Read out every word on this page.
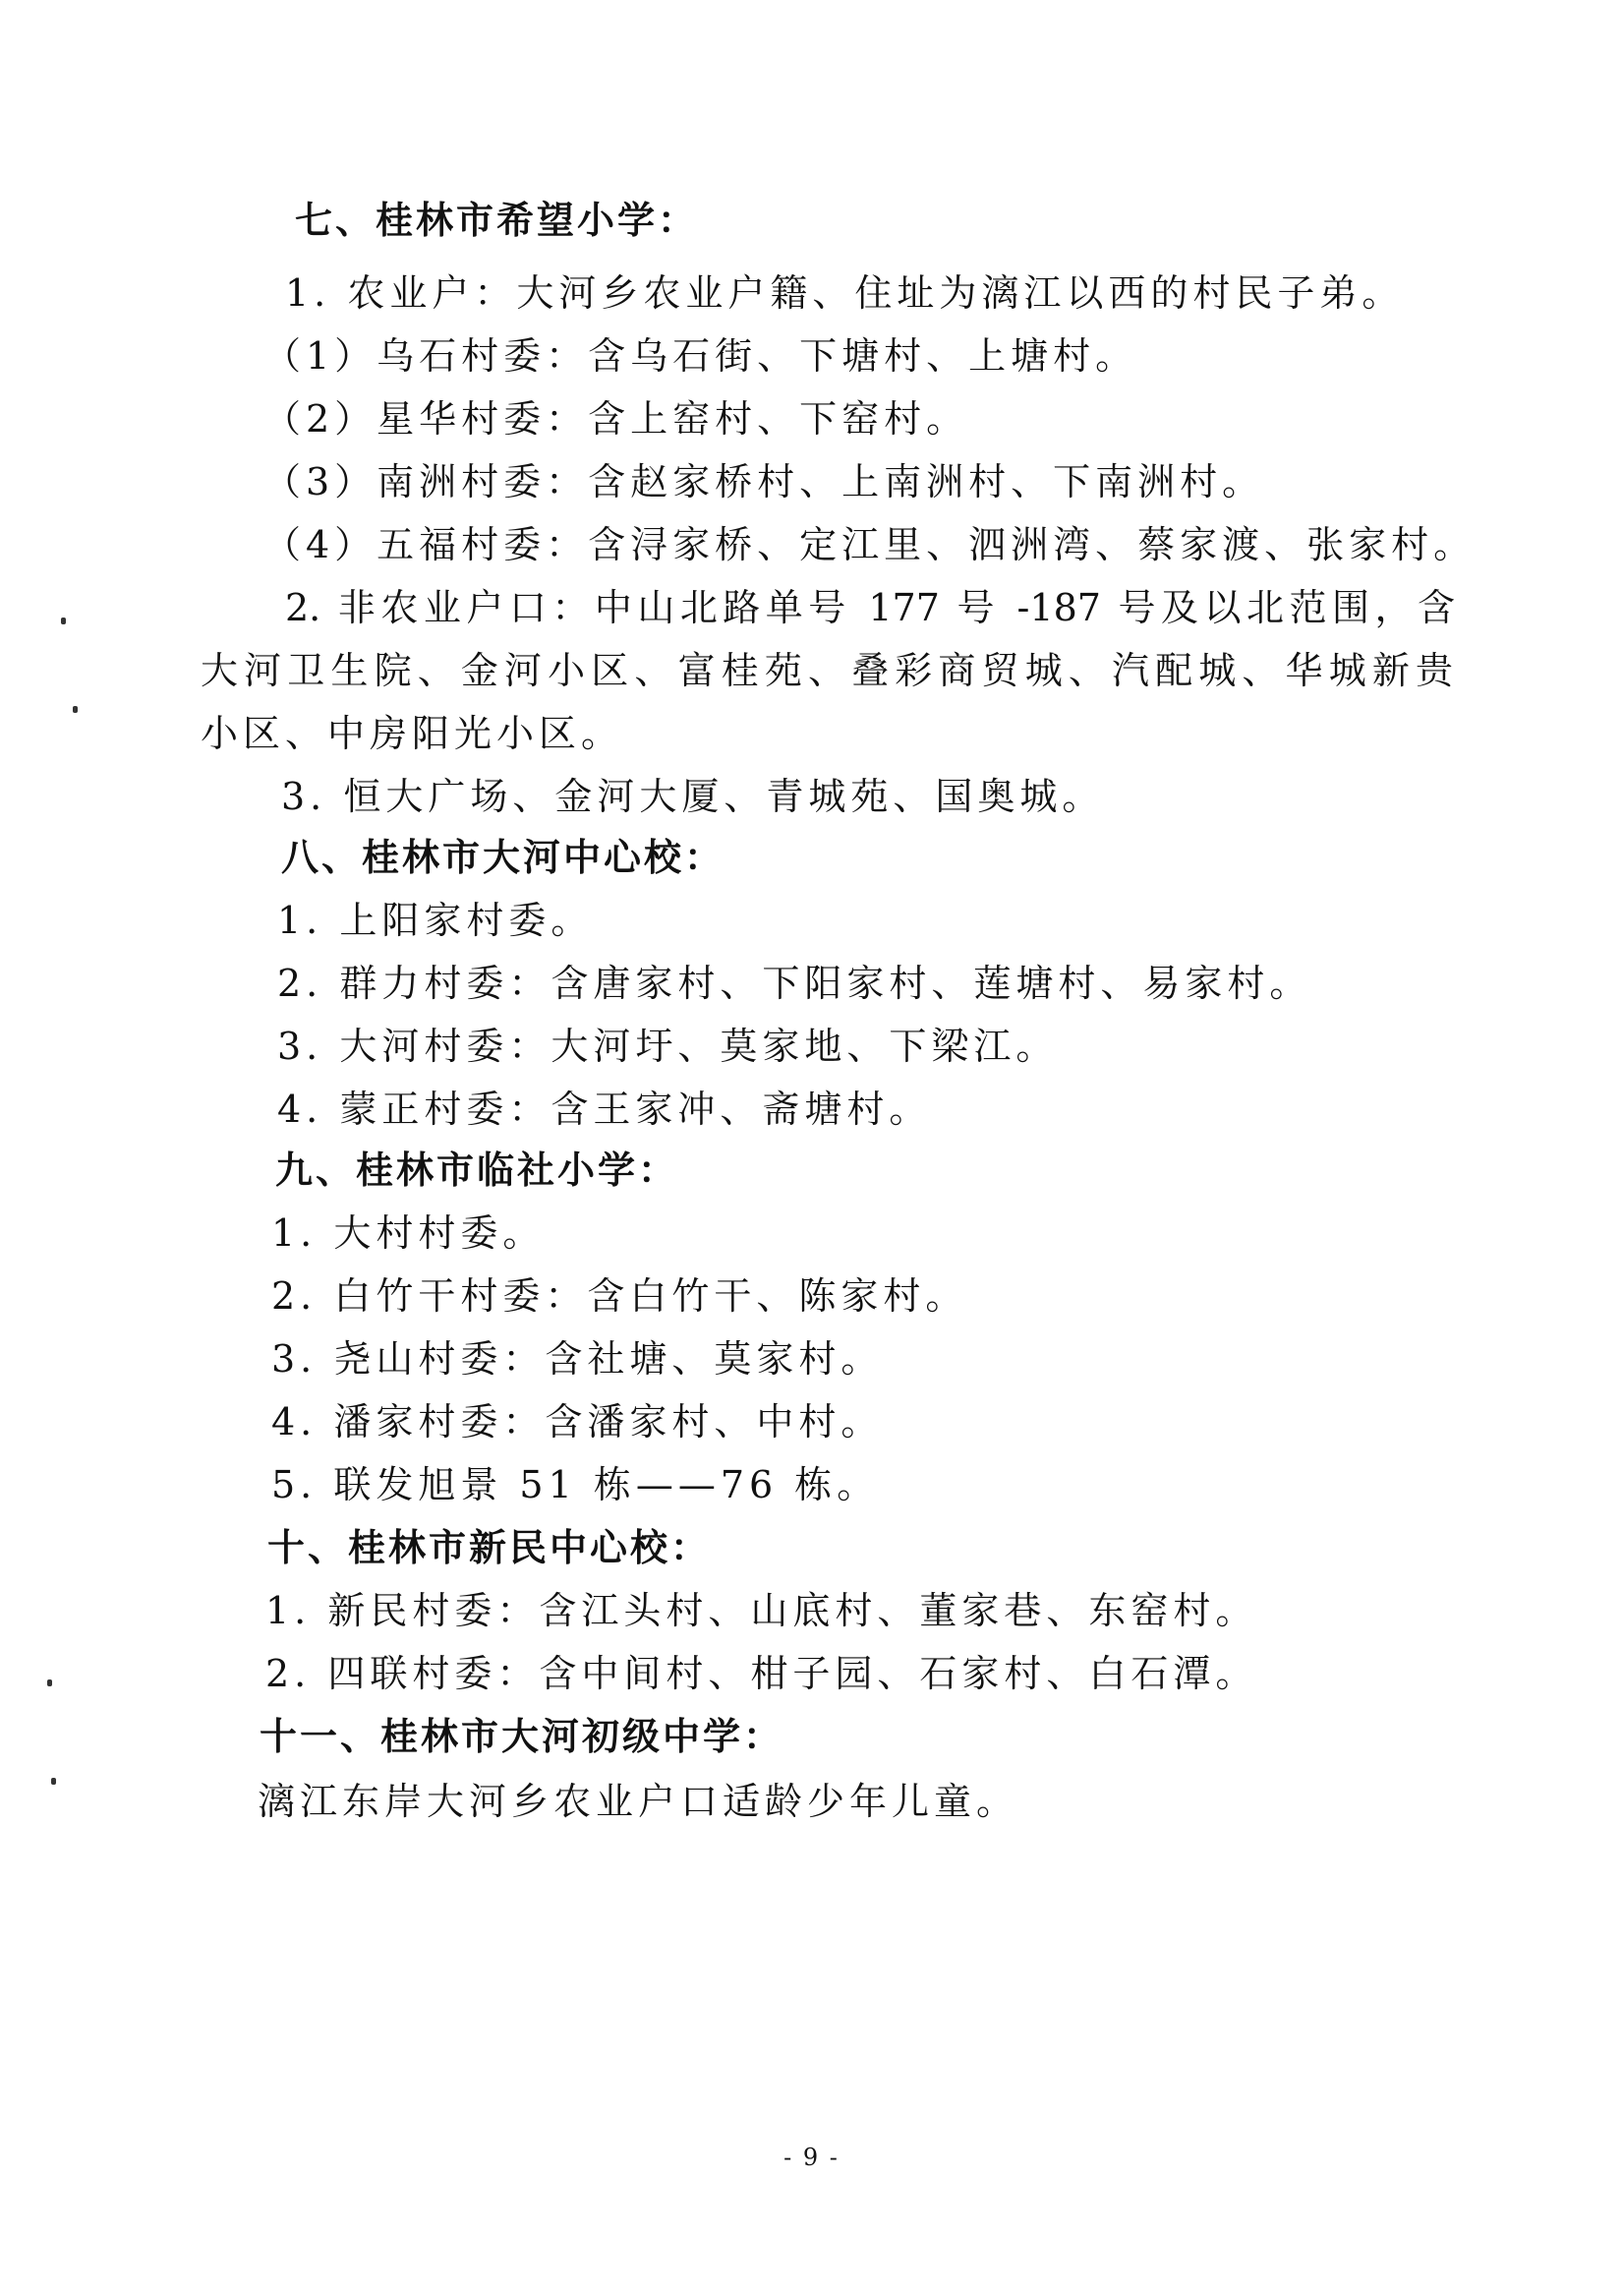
七、桂林市希望小学：
1. 农业户：大河乡农业户籍、住址为漓江以西的村民子弟。
（1）乌石村委：含乌石街、下塘村、上塘村。
（2）星华村委：含上窑村、下窑村。
（3）南洲村委：含赵家桥村、上南洲村、下南洲村。
（4）五福村委：含浔家桥、定江里、泗洲湾、蔡家渡、张家村。
2. 非农业户口：中山北路单号 177 号 -187 号及以北范围，含
大河卫生院、金河小区、富桂苑、叠彩商贸城、汽配城、华城新贵
小区、中房阳光小区。
3. 恒大广场、金河大厦、青城苑、国奥城。
八、桂林市大河中心校：
1. 上阳家村委。
2. 群力村委：含唐家村、下阳家村、莲塘村、易家村。
3. 大河村委：大河圩、莫家地、下梁江。
4. 蒙正村委：含王家冲、斋塘村。
九、桂林市临社小学：
1. 大村村委。
2. 白竹干村委：含白竹干、陈家村。
3. 尧山村委：含社塘、莫家村。
4. 潘家村委：含潘家村、中村。
5. 联发旭景 51 栋——76 栋。
十、桂林市新民中心校：
1. 新民村委：含江头村、山底村、董家巷、东窑村。
2. 四联村委：含中间村、柑子园、石家村、白石潭。
十一、桂林市大河初级中学：
漓江东岸大河乡农业户口适龄少年儿童。
- 9 -
